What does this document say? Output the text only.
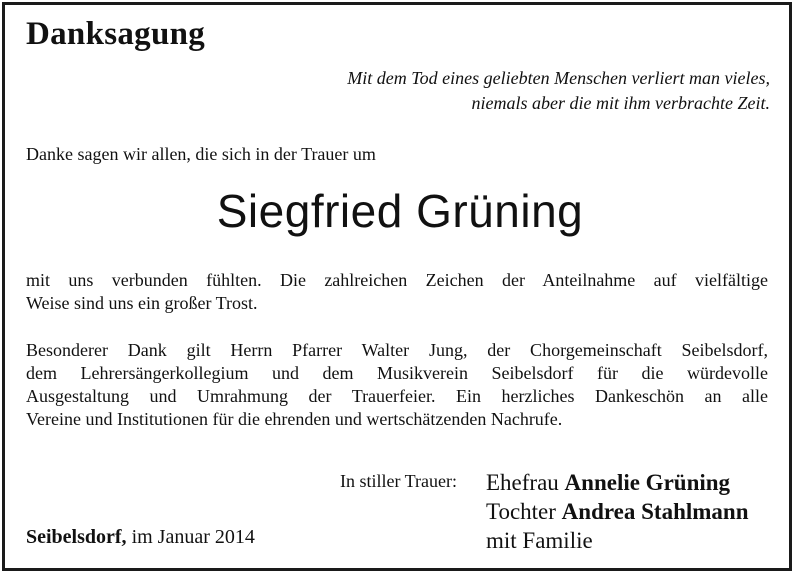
Danksagung
Mit dem Tod eines geliebten Menschen verliert man vieles,
niemals aber die mit ihm verbrachte Zeit.
Danke sagen wir allen, die sich in der Trauer um
Siegfried Grüning
mit uns verbunden fühlten. Die zahlreichen Zeichen der Anteilnahme auf vielfältige
Weise sind uns ein großer Trost.
Besonderer Dank gilt Herrn Pfarrer Walter Jung, der Chorgemeinschaft Seibelsdorf,
dem Lehrersängerkollegium und dem Musikverein Seibelsdorf für die würdevolle
Ausgestaltung und Umrahmung der Trauerfeier. Ein herzliches Dankeschön an alle
Vereine und Institutionen für die ehrenden und wertschätzenden Nachrufe.
In stiller Trauer: Ehefrau Annelie Grüning
Tochter Andrea Stahlmann
mit Familie
Seibelsdorf, im Januar 2014
